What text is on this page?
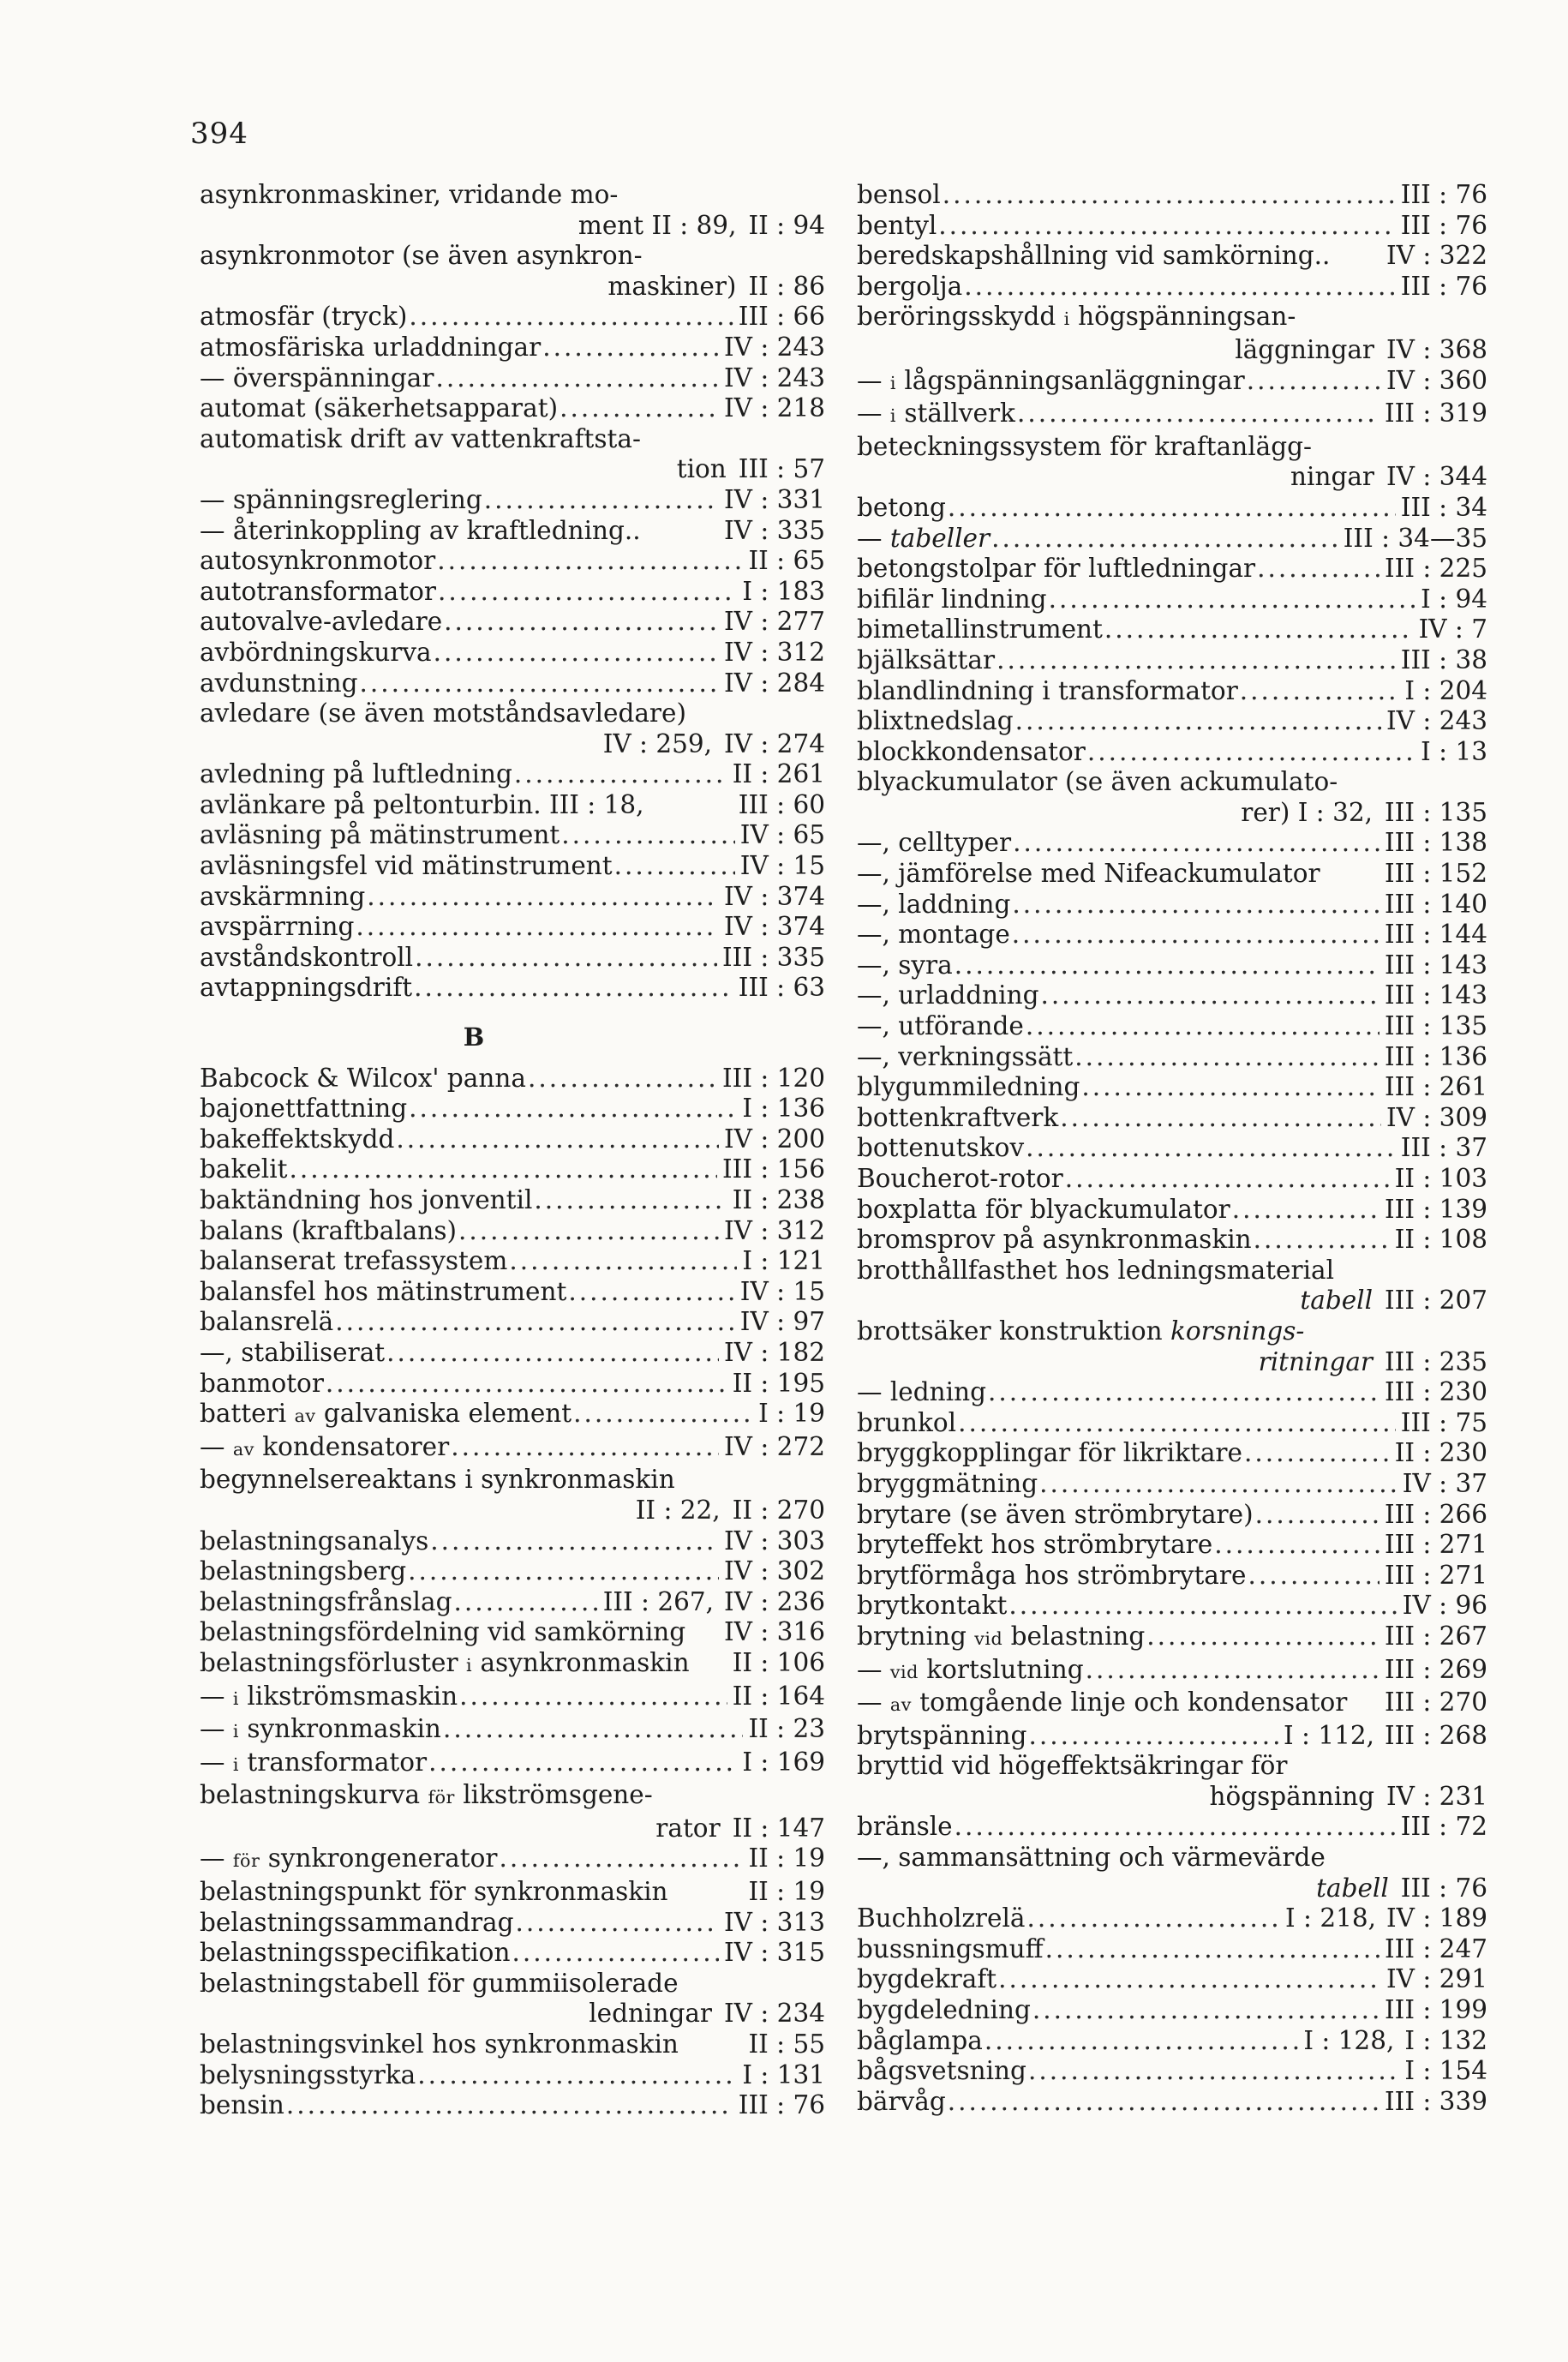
394
asynkronmaskiner, vridande mo-
ment II : 89, II : 94
asynkronmotor (se även asynkron-
maskiner) II : 86
atmosfär (tryck) .....	III : 66
atmosfäriska urladdningar .....	IV : 243
— överspänningar .....	IV : 243
automat (säkerhetsapparat) .....	IV : 218
automatisk drift av vattenkraftsta-
tion III : 57
— spänningsreglering .....	IV : 331
— återinkoppling av kraftledning..	IV : 335
autosynkronmotor .....	II : 65
autotransformator .....	I : 183
autovalve-avledare .....	IV : 277
avbördningskurva .....	IV : 312
avdunstning .....	IV : 284
avledare (se även motståndsavledare)
IV : 259, IV : 274
avledning på luftledning .....	II : 261
avlänkare på peltonturbin. III : 18,	III : 60
avläsning på mätinstrument .....	IV : 65
avläsningsfel vid mätinstrument .....	IV : 15
avskärmning .....	IV : 374
avspärrning .....	IV : 374
avståndskontroll .....	III : 335
avtappningsdrift .....	III : 63
B
Babcock & Wilcox' panna .....	III : 120
bajonettfattning .....	I : 136
bakeffektskydd .....	IV : 200
bakelit .....	III : 156
baktändning hos jonventil .....	II : 238
balans (kraftbalans) .....	IV : 312
balanserat trefassystem .....	I : 121
balansfel hos mätinstrument .....	IV : 15
balansrelä .....	IV : 97
—, stabiliserat .....	IV : 182
banmotor .....	II : 195
batteri av galvaniska element .....	I : 19
— av kondensatorer .....	IV : 272
begynnelsereaktans i synkronmaskin
II : 22, II : 270
belastningsanalys .....	IV : 303
belastningsberg .....	IV : 302
belastningsfrånslag .....	III : 267, IV : 236
belastningsfördelning vid samkörning IV : 316
belastningsförluster i asynkronmaskin II : 106
— i likströmsmaskin .....	II : 164
— i synkronmaskin .....	II : 23
— i transformator .....	I : 169
belastningskurva för likströmsgene-
rator II : 147
— för synkrongenerator .....	II : 19
belastningspunkt för synkronmaskin	II : 19
belastningssammandrag .....	IV : 313
belastningsspecifikation .....	IV : 315
belastningstabell för gummiisolerade
ledningar IV : 234
belastningsvinkel hos synkronmaskin	II : 55
belysningsstyrka .....	I : 131
bensin .....	III : 76
bensol .....	III : 76
bentyl .....	III : 76
beredskapshållning vid samkörning.. IV : 322
bergolja .....	III : 76
beröringsskydd i högspänningsan-
läggningar IV : 368
— i lågspänningsanläggningar .....	IV : 360
— i ställverk .....	III : 319
beteckningssystem för kraftanlägg-
ningar IV : 344
betong .....	III : 34
— tabeller .....	III : 34—35
betongstolpar för luftledningar .....	III : 225
bifilär lindning .....	I : 94
bimetallinstrument .....	IV : 7
bjälksättar .....	III : 38
blandlindning i transformator .....	I : 204
blixtnedslag .....	IV : 243
blockkondensator .....	I : 13
blyackumulator (se även ackumulato-
rer) I : 32, III : 135
—, celltyper .....	III : 138
—, jämförelse med Nifeackumulator	III : 152
—, laddning .....	III : 140
—, montage .....	III : 144
—, syra .....	III : 143
—, urladdning .....	III : 143
—, utförande .....	III : 135
—, verkningssätt .....	III : 136
blygummiledning .....	III : 261
bottenkraftverk .....	IV : 309
bottenutskov .....	III : 37
Boucherot-rotor .....	II : 103
boxplatta för blyackumulator .....	III : 139
bromsprov på asynkronmaskin .....	II : 108
brotthållfasthet hos ledningsmaterial
tabell III : 207
brottsäker konstruktion korsnings-
ritningar III : 235
— ledning .....	III : 230
brunkol .....	III : 75
bryggkopplingar för likriktare .....	II : 230
bryggmätning .....	IV : 37
brytare (se även strömbrytare) .....	III : 266
bryteffekt hos strömbrytare .....	III : 271
brytförmåga hos strömbrytare .....	III : 271
brytkontakt .....	IV : 96
brytning vid belastning .....	III : 267
— vid kortslutning .....	III : 269
— av tomgående linje och kondensator III : 270
brytspänning .....	I : 112, III : 268
bryttid vid högeffektsäkringar för
högspänning IV : 231
bränsle .....	III : 72
—, sammansättning och värmevärde
tabell III : 76
Buchholzrelä .....	I : 218, IV : 189
bussningsmuff .....	III : 247
bygdekraft .....	IV : 291
bygdeledning .....	III : 199
båglampa .....	I : 128, I : 132
bågsvetsning .....	I : 154
bärvåg .....	III : 339
